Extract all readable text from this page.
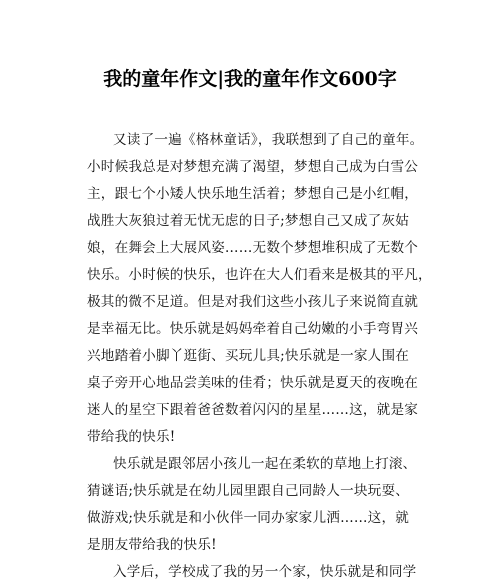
我的童年作文|我的童年作文600字
又读了一遍《格林童话》，我联想到了自己的童年。
小时候我总是对梦想充满了渴望，梦想自己成为白雪公
主，跟七个小矮人快乐地生活着；梦想自己是小红帽，
战胜大灰狼过着无忧无虑的日子;梦想自己又成了灰姑
娘，在舞会上大展风姿……无数个梦想堆积成了无数个
快乐。小时候的快乐，也许在大人们看来是极其的平凡，
极其的微不足道。但是对我们这些小孩儿子来说简直就
是幸福无比。快乐就是妈妈牵着自己幼嫩的小手弯胃兴
兴地踏着小脚丫逛街、买玩儿具;快乐就是一家人围在
桌子旁开心地品尝美味的佳肴；快乐就是夏天的夜晚在
迷人的星空下跟着爸爸数着闪闪的星星……这，就是家
带给我的快乐!
快乐就是跟邻居小孩儿一起在柔软的草地上打滚、
猜谜语;快乐就是在幼儿园里跟自己同龄人一块玩耍、
做游戏;快乐就是和小伙伴一同办家家儿洒……这，就
是朋友带给我的快乐!
入学后，学校成了我的另一个家，快乐就是和同学
